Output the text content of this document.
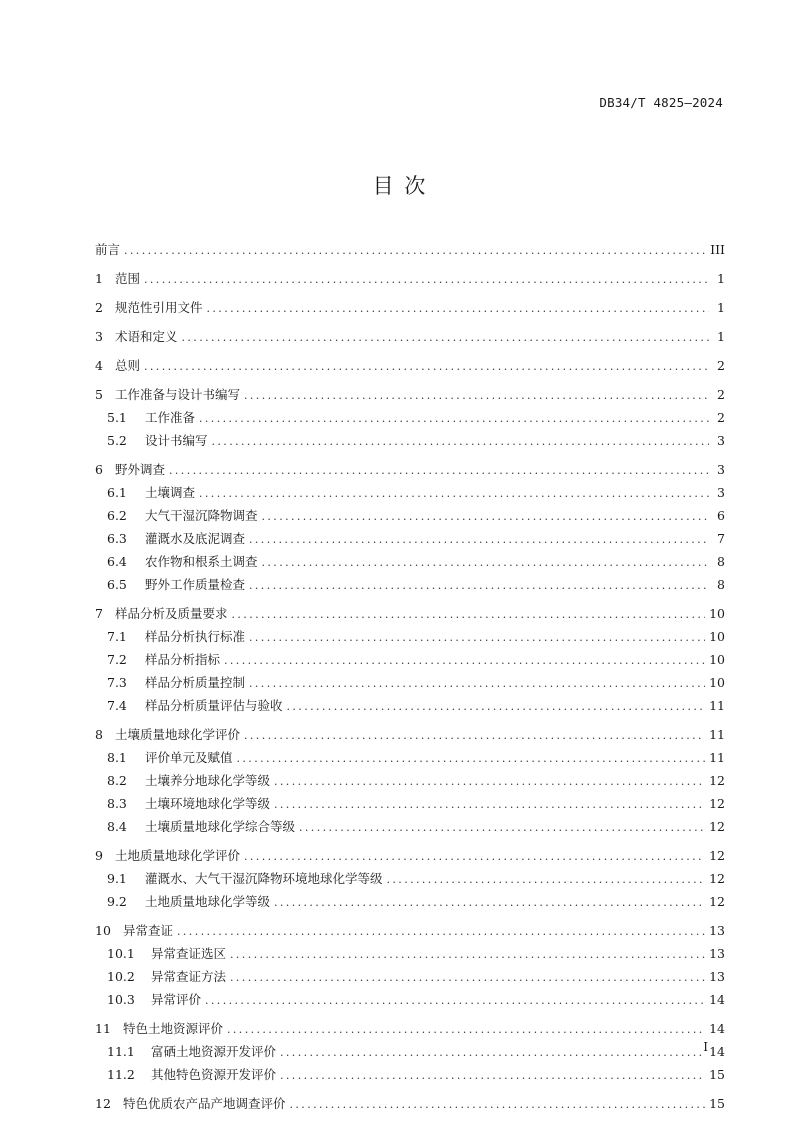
DB34/T 4825—2024
目 次
前言 .....	III
1 范围 .....	1
2 规范性引用文件 .....	1
3 术语和定义 .....	1
4 总则 .....	2
5 工作准备与设计书编写 .....	2
5.1	工作准备 .....	2
5.2	设计书编写 .....	3
6 野外调查 .....	3
6.1	土壤调查 .....	3
6.2	大气干湿沉降物调查 .....	6
6.3	灌溉水及底泥调查 .....	7
6.4	农作物和根系土调查 .....	8
6.5	野外工作质量检查 .....	8
7 样品分析及质量要求 .....	10
7.1	样品分析执行标准 .....	10
7.2	样品分析指标 .....	10
7.3	样品分析质量控制 .....	10
7.4	样品分析质量评估与验收 .....	11
8 土壤质量地球化学评价 .....	11
8.1	评价单元及赋值 .....	11
8.2	土壤养分地球化学等级 .....	12
8.3	土壤环境地球化学等级 .....	12
8.4	土壤质量地球化学综合等级 .....	12
9 土地质量地球化学评价 .....	12
9.1	灌溉水、大气干湿沉降物环境地球化学等级 .....	12
9.2	土地质量地球化学等级 .....	12
10 异常查证 .....	13
10.1	异常查证选区 .....	13
10.2	异常查证方法 .....	13
10.3	异常评价 .....	14
11 特色土地资源评价 .....	14
11.1	富硒土地资源开发评价 .....	14
11.2	其他特色资源开发评价 .....	15
12 特色优质农产品产地调查评价 .....	15
I
